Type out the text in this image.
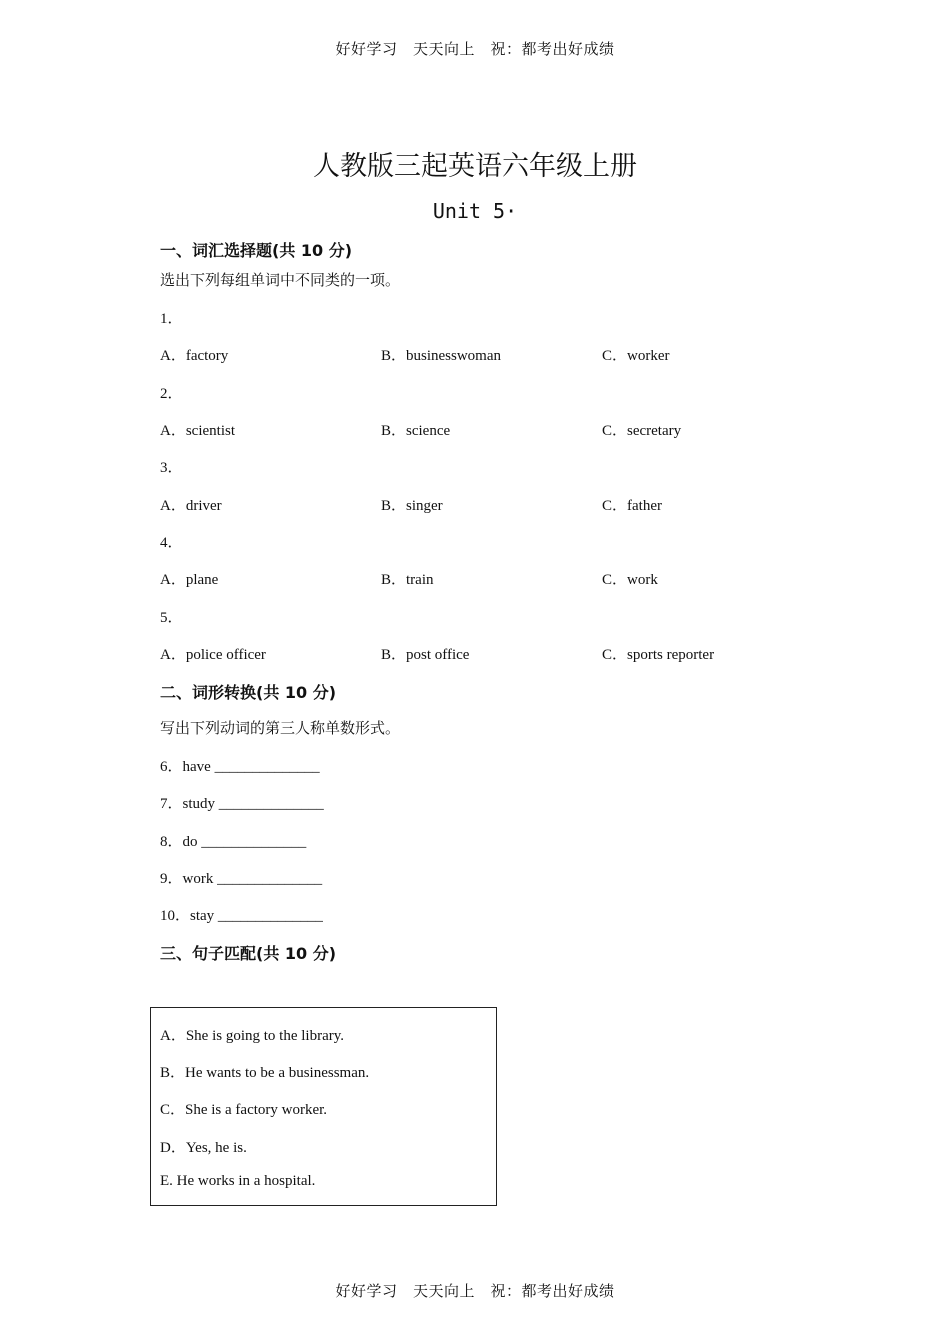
好好学习　天天向上　祝：都考出好成绩
人教版三起英语六年级上册
Unit 5·
一、词汇选择题(共 10 分)
选出下列每组单词中不同类的一项。
1．
A．factory	B．businesswoman	C．worker
2．
A．scientist	B．science	C．secretary
3．
A．driver	B．singer	C．father
4．
A．plane	B．train	C．work
5．
A．police officer	B．post office	C．sports reporter
二、词形转换(共 10 分)
写出下列动词的第三人称单数形式。
6．have ______________
7．study ______________
8．do ______________
9．work ______________
10．stay ______________
三、句子匹配(共 10 分)
A．She is going to the library.
B．He wants to be a businessman.
C．She is a factory worker.
D．Yes, he is.
E. He works in a hospital.
好好学习　天天向上　祝：都考出好成绩
